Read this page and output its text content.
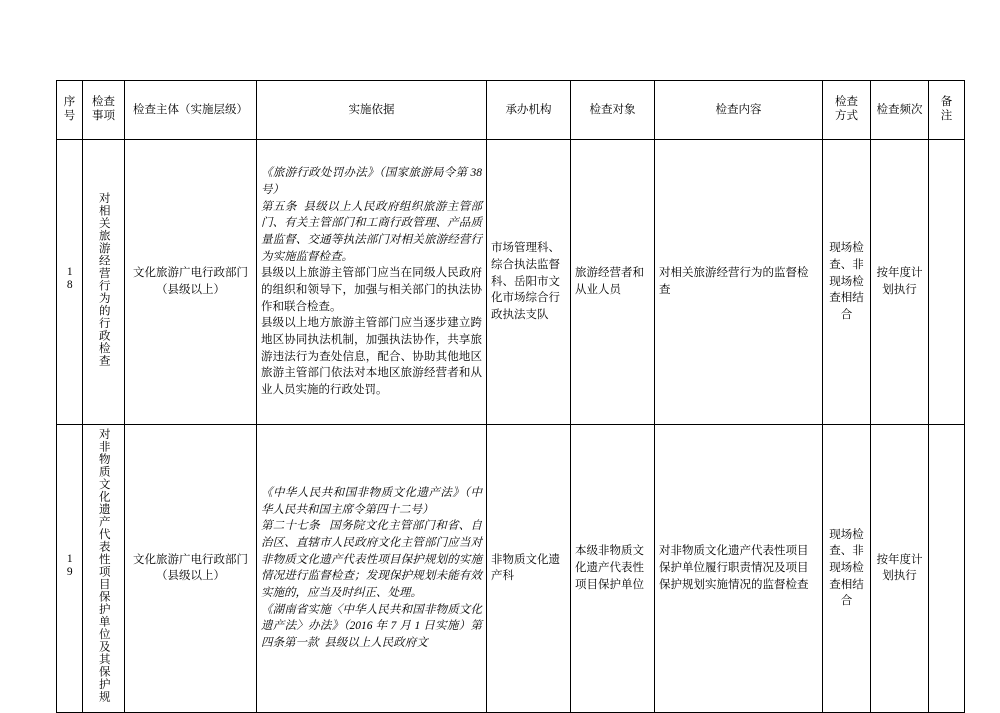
序号	检查事项	检查主体（实施层级）	实施依据	承办机构	检查对象	检查内容	检查方式	检查频次	备注
18	对相关旅游经营行为的行政检查	文化旅游广电行政部门（县级以上）	《旅游行政处罚办法》（国家旅游局令第 38 号）

第五条  县级以上人民政府组织旅游主管部门、有关主管部门和工商行政管理、产品质量监督、交通等执法部门对相关旅游经营行为实施监督检查。

县级以上旅游主管部门应当在同级人民政府的组织和领导下，加强与相关部门的执法协作和联合检查。

县级以上地方旅游主管部门应当逐步建立跨地区协同执法机制，加强执法协作，共享旅游违法行为查处信息，配合、协助其他地区旅游主管部门依法对本地区旅游经营者和从业人员实施的行政处罚。	市场管理科、综合执法监督科、岳阳市文化市场综合行政执法支队	旅游经营者和从业人员	对相关旅游经营行为的监督检查	现场检查、非现场检查相结合	按年度计划执行	
19	对非物质文化遗产代表性项目保护单位及其保护规	文化旅游广电行政部门（县级以上）	《中华人民共和国非物质文化遗产法》（中华人民共和国主席令第四十二号）

第二十七条   国务院文化主管部门和省、自治区、直辖市人民政府文化主管部门应当对非物质文化遗产代表性项目保护规划的实施情况进行监督检查；发现保护规划未能有效实施的，应当及时纠正、处理。

《湖南省实施〈中华人民共和国非物质文化遗产法〉办法》（2016 年 7 月 1 日实施）第四条第一款  县级以上人民政府文	非物质文化遗产科	本级非物质文化遗产代表性项目保护单位	对非物质文化遗产代表性项目保护单位履行职责情况及项目保护规划实施情况的监督检查	现场检查、非现场检查相结合	按年度计划执行	
